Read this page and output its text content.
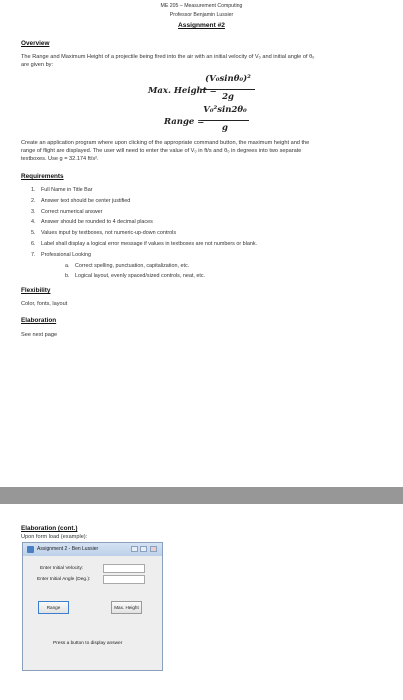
ME 205 – Measurement Computing
Professor Benjamin Lussier
Assignment #2
Overview
The Range and Maximum Height of a projectile being fired into the air with an initial velocity of V₀ and initial angle of θ₀
are given by:
Max. Height =
(V₀sinθ₀)²
2g
Range =
V₀²sin2θ₀
g
Create an application program where upon clicking of the appropriate command button, the maximum height and the
range of flight are displayed. The user will need to enter the value of V₀ in ft/s and θ₀ in degrees into two separate
textboxes. Use g = 32.174 ft/s².
Requirements
1. Full Name in Title Bar
2. Answer text should be center justified
3. Correct numerical answer
4. Answer should be rounded to 4 decimal places
5. Values input by textboxes, not numeric-up-down controls
6. Label shall display a logical error message if values in textboxes are not numbers or blank.
7. Professional Looking
a. Correct spelling, punctuation, capitalization, etc.
b. Logical layout, evenly spaced/sized controls, neat, etc.
Flexibility
Color, fonts, layout
Elaboration
See next page
Elaboration (cont.)
Upon form load (example):
Assignment 2 - Ben Lussier
Enter Initial Velocity:
Enter Initial Angle (Deg.):
Range	Max. Height
Press a button to display answer
